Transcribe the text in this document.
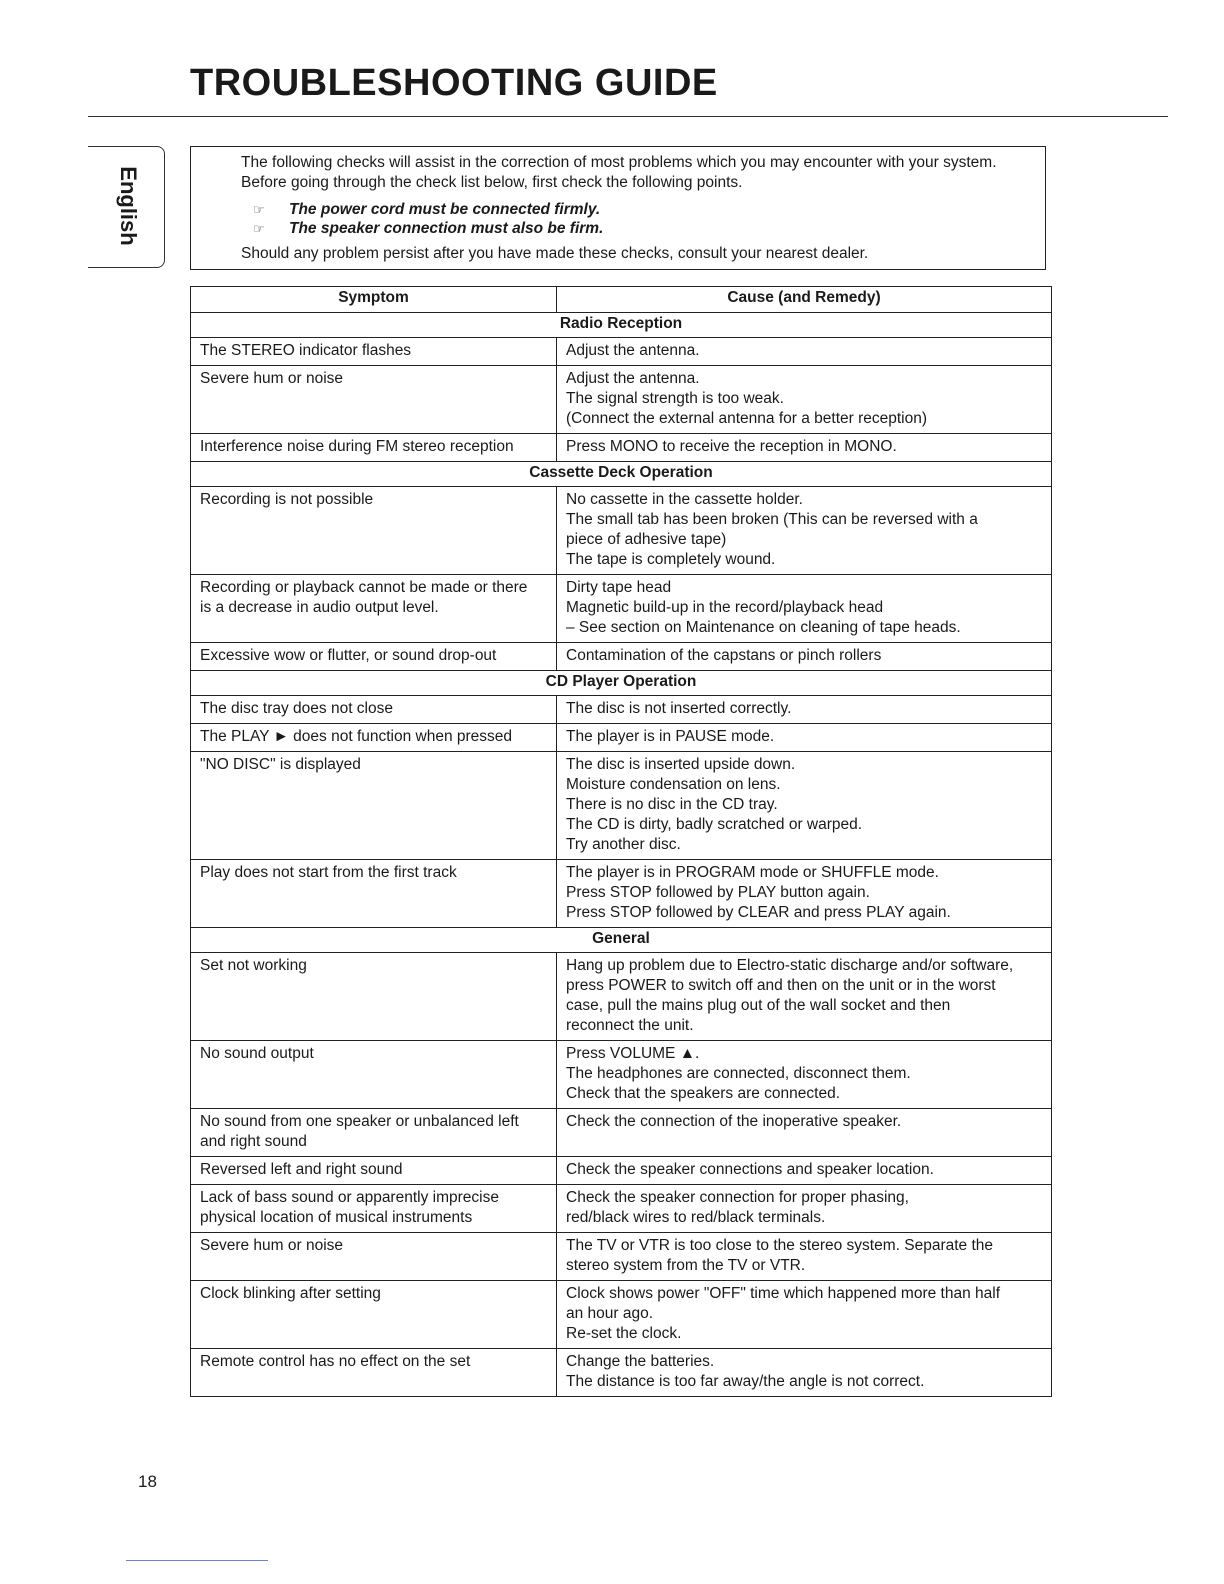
TROUBLESHOOTING GUIDE
English

The following checks will assist in the correction of most problems which you may encounter with your system. Before going through the check list below, first check the following points.

☞	The power cord must be connected firmly.
☞	The speaker connection must also be firm.

Should any problem persist after you have made these checks, consult your nearest dealer.

Symptom	Cause (and Remedy)
Radio Reception	

The STEREO indicator flashes	Adjust the antenna.

Severe hum or noise	Adjust the antenna.
The signal strength is too weak.
(Connect the external antenna for a better reception)

Interference noise during FM stereo reception	Press MONO to receive the reception in MONO.

Cassette Deck Operation	

Recording is not possible	No cassette in the cassette holder.
The small tab has been broken (This can be reversed with a
piece of adhesive tape)
The tape is completely wound.

Recording or playback cannot be made or there
is a decrease in audio output level.	Dirty tape head
Magnetic build-up in the record/playback head
– See section on Maintenance on cleaning of tape heads.

Excessive wow or flutter, or sound drop-out	Contamination of the capstans or pinch rollers

CD Player Operation	

The disc tray does not close	The disc is not inserted correctly.

The PLAY ► does not function when pressed	The player is in PAUSE mode.

"NO DISC" is displayed	The disc is inserted upside down.
Moisture condensation on lens.
There is no disc in the CD tray.
The CD is dirty, badly scratched or warped.
Try another disc.

Play does not start from the first track	The player is in PROGRAM mode or SHUFFLE mode.
Press STOP followed by PLAY button again.
Press STOP followed by CLEAR and press PLAY again.

General	

Set not working	Hang up problem due to Electro-static discharge and/or software,
press POWER to switch off and then on the unit or in the worst
case, pull the mains plug out of the wall socket and then
reconnect the unit.

No sound output	Press VOLUME ▲.
The headphones are connected, disconnect them.
Check that the speakers are connected.

No sound from one speaker or unbalanced left
and right sound	Check the connection of the inoperative speaker.

Reversed left and right sound	Check the speaker connections and speaker location.

Lack of bass sound or apparently imprecise
physical location of musical instruments	Check the speaker connection for proper phasing,
red/black wires to red/black terminals.

Severe hum or noise	The TV or VTR is too close to the stereo system. Separate the
stereo system from the TV or VTR.

Clock blinking after setting	Clock shows power "OFF" time which happened more than half
an hour ago.
Re-set the clock.

Remote control has no effect on the set	Change the batteries.
The distance is too far away/the angle is not correct.
18
